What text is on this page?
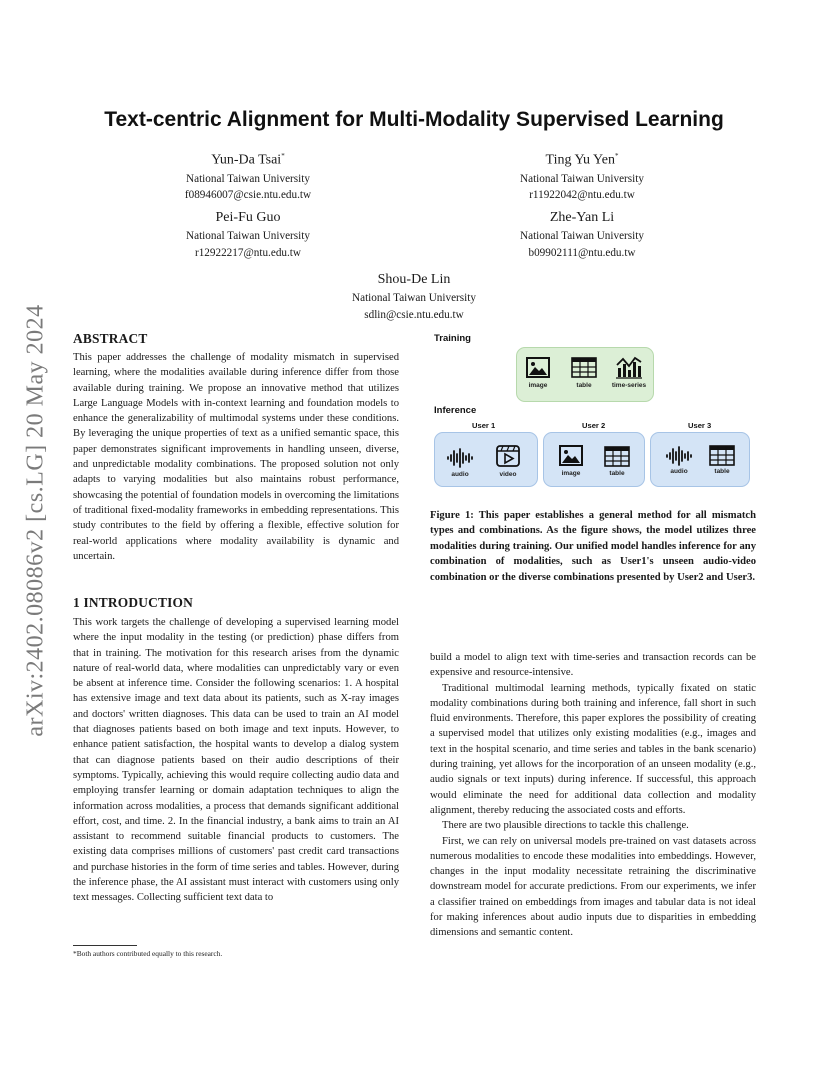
arXiv:2402.08086v2 [cs.LG] 20 May 2024
Text-centric Alignment for Multi-Modality Supervised Learning
Yun-Da Tsai*
National Taiwan University
f08946007@csie.ntu.edu.tw
Ting Yu Yen*
National Taiwan University
r11922042@ntu.edu.tw
Pei-Fu Guo
National Taiwan University
r12922217@ntu.edu.tw
Zhe-Yan Li
National Taiwan University
b09902111@ntu.edu.tw
Shou-De Lin
National Taiwan University
sdlin@csie.ntu.edu.tw
ABSTRACT

This paper addresses the challenge of modality mismatch in supervised learning, where the modalities available during inference differ from those available during training. We propose an innovative method that utilizes Large Language Models with in-context learning and foundation models to enhance the generalizability of multimodal systems under these conditions. By leveraging the unique properties of text as a unified semantic space, this paper demonstrates significant improvements in handling unseen, diverse, and unpredictable modality combinations. The proposed solution not only adapts to varying modalities but also maintains robust performance, showcasing the potential of foundation models in overcoming the limitations of traditional fixed-modality frameworks in embedding representations. This study contributes to the field by offering a flexible, effective solution for real-world applications where modality availability is dynamic and uncertain.

1 INTRODUCTION

This work targets the challenge of developing a supervised learning model where the input modality in the testing (or prediction) phase differs from that in training. The motivation for this research arises from the dynamic nature of real-world data, where modalities can unpredictably vary or even be absent at inference time. Consider the following scenarios: 1. A hospital has extensive image and text data about its patients, such as X-ray images and doctors' written diagnoses. This data can be used to train an AI model that diagnoses patients based on both image and text inputs. However, to enhance patient satisfaction, the hospital wants to develop a dialog system that can diagnose patients based on their audio descriptions of their symptoms. Typically, achieving this would require collecting audio data and employing transfer learning or domain adaptation techniques to align the information across modalities, a process that demands significant additional effort, cost, and time. 2. In the financial industry, a bank aims to train an AI assistant to recommend suitable financial products to customers. The existing data comprises millions of customers' past credit card transactions and purchase histories in the form of time series and tables. However, during the inference phase, the AI assistant must interact with customers using only text messages. Collecting sufficient text data to

*Both authors contributed equally to this research.
Training
Inference
User 1	User 2	User 3
image	table	time-series
audio	video	image	table	audio	table

Figure 1: This paper establishes a general method for all mismatch types and combinations. As the figure shows, the model utilizes three modalities during training. Our unified model handles inference for any combination of modalities, such as User1's unseen audio-video combination or the diverse combinations presented by User2 and User3.

build a model to align text with time-series and transaction records can be expensive and resource-intensive.

Traditional multimodal learning methods, typically fixated on static modality combinations during both training and inference, fall short in such fluid environments. Therefore, this paper explores the possibility of creating a supervised model that utilizes only existing modalities (e.g., images and text in the hospital scenario, and time series and tables in the bank scenario) during training, yet allows for the incorporation of an unseen modality (e.g., audio signals or text inputs) during inference. If successful, this approach would eliminate the need for additional data collection and modality alignment, thereby reducing the associated costs and efforts.

There are two plausible directions to tackle this challenge.

First, we can rely on universal models pre-trained on vast datasets across numerous modalities to encode these modalities into embeddings. However, changes in the input modality necessitate retraining the discriminative downstream model for accurate predictions. From our experiments, we infer a classifier trained on embeddings from images and tabular data is not ideal for making inferences about audio inputs due to disparities in embedding dimensions and semantic content.
